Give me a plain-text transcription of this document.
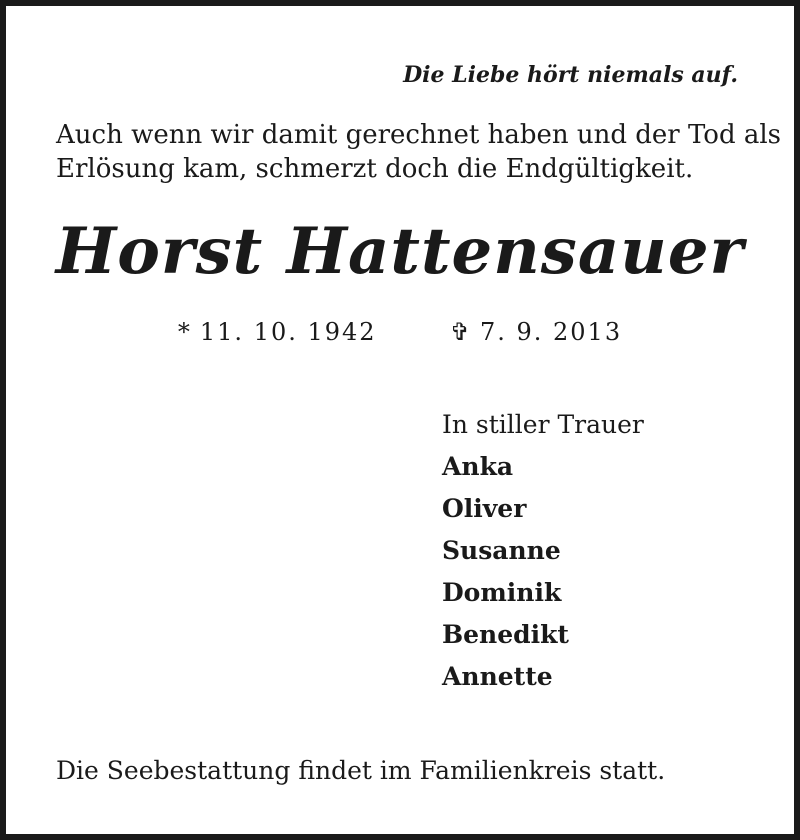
Die Liebe hört niemals auf.
Auch wenn wir damit gerechnet haben und der Tod als
Erlösung kam, schmerzt doch die Endgültigkeit.
Horst Hattensauer
* 11. 10. 1942	✞ 7. 9. 2013
In stiller Trauer
Anka
Oliver
Susanne
Dominik
Benedikt
Annette
Die Seebestattung findet im Familienkreis statt.
